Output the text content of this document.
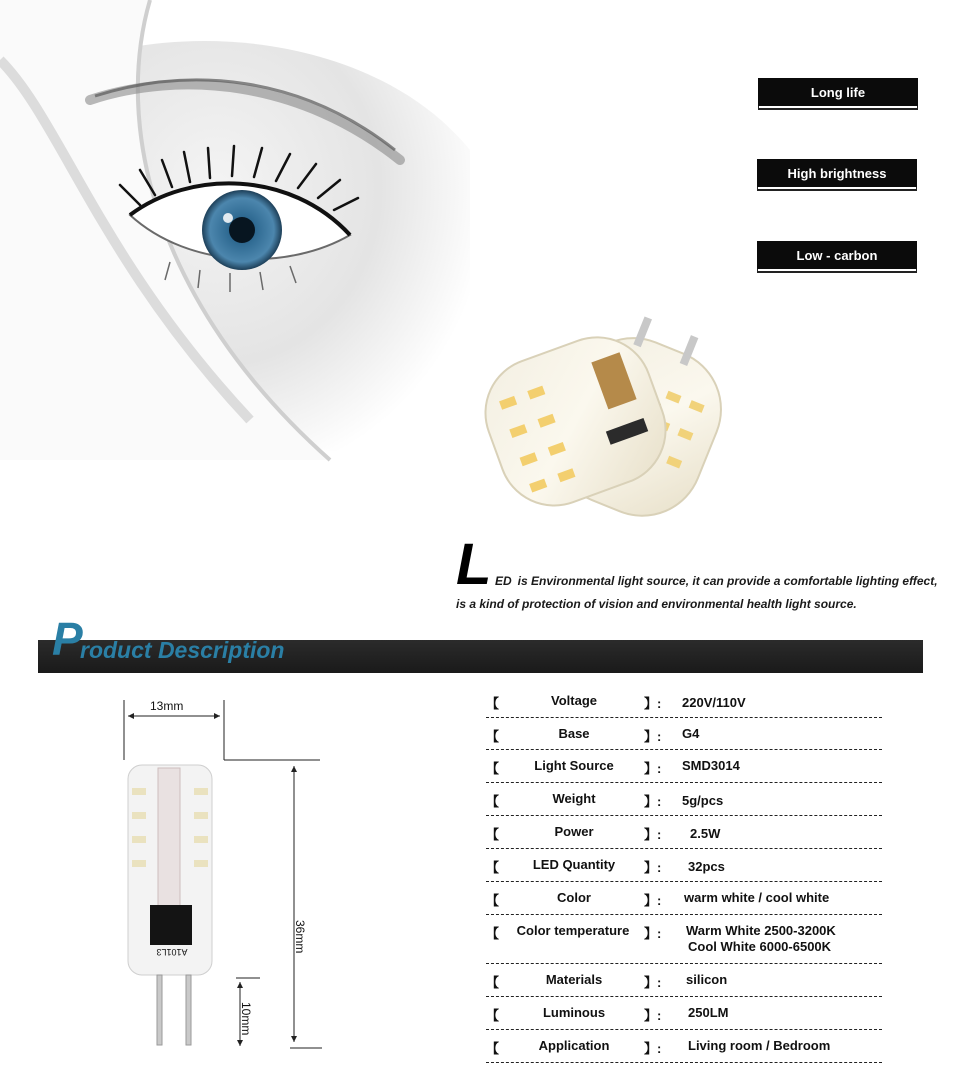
Long life
High brightness
Low - carbon
L ED is Environmental light source, it can provide a comfortable lighting effect,
is a kind of protection of vision and environmental health light source.
P
roduct Description
13mm
A101L3	36mm
10mm
【	Voltage	】: 220V/110V
【	Base	】: G4
【	Light Source	】: SMD3014
【	Weight	】: 5g/pcs
【	Power	】: 2.5W
【	LED Quantity	】: 32pcs
【	Color	】: warm white / cool white
【	Color temperature	】: Warm White 2500-3200K
Cool White 6000-6500K
【	Materials	】: silicon
【	Luminous	】: 250LM
【	Application	】: Living room / Bedroom
